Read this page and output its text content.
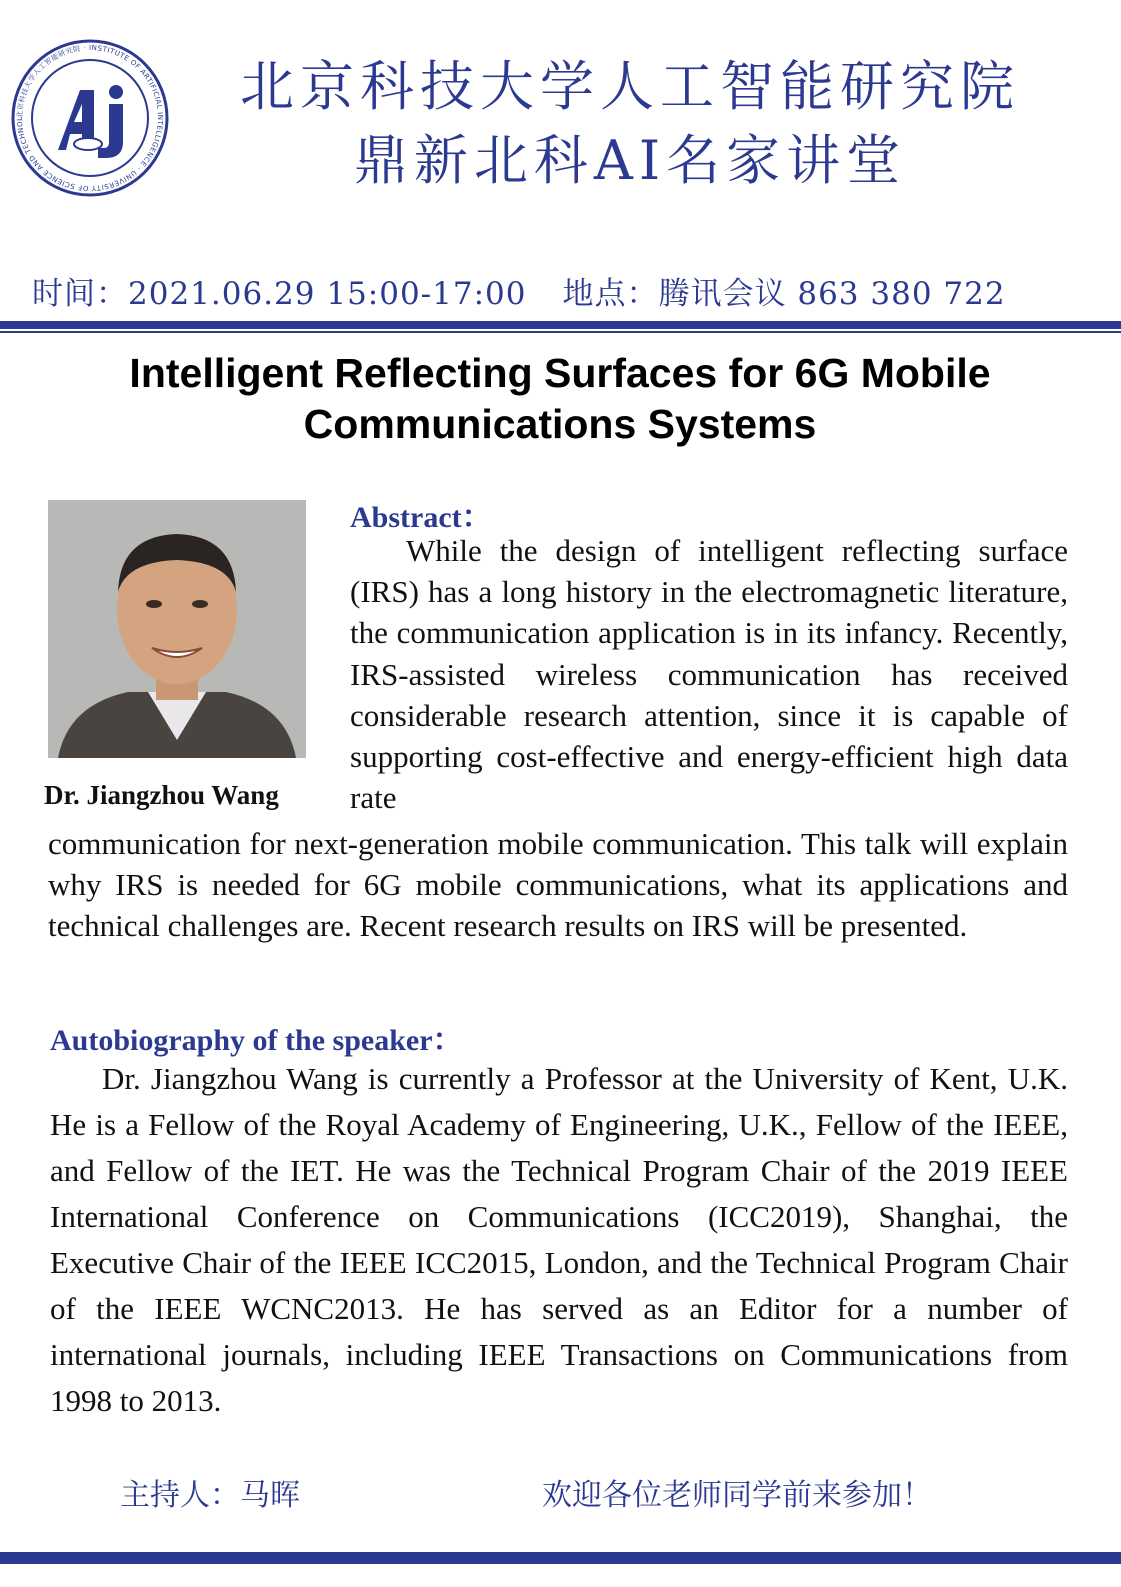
北京科技大学人工智能研究院 · INSTITUTE OF ARTIFICIAL INTELLIGENCE · UNIVERSITY OF SCIENCE AND TECHNOL
北京科技大学人工智能研究院
鼎新北科AI名家讲堂
时间：2021.06.29 15:00-17:00 地点：腾讯会议 863 380 722
Intelligent Reflecting Surfaces for 6G Mobile
Communications Systems
Dr. Jiangzhou Wang
Abstract：
While the design of intelligent reflecting surface (IRS) has a long history in the electromagnetic literature, the communication application is in its infancy. Recently, IRS-assisted wireless communication has received considerable research attention, since it is capable of supporting cost-effective and energy-efficient high data rate
communication for next-generation mobile communication. This talk will explain why IRS is needed for 6G mobile communications, what its applications and technical challenges are. Recent research results on IRS will be presented.
Autobiography of the speaker：
Dr. Jiangzhou Wang is currently a Professor at the University of Kent, U.K. He is a Fellow of the Royal Academy of Engineering, U.K., Fellow of the IEEE, and Fellow of the IET. He was the Technical Program Chair of the 2019 IEEE International Conference on Communications (ICC2019), Shanghai, the Executive Chair of the IEEE ICC2015, London, and the Technical Program Chair of the IEEE WCNC2013. He has served as an Editor for a number of international journals, including IEEE Transactions on Communications from 1998 to 2013.
主持人：马晖	欢迎各位老师同学前来参加！
